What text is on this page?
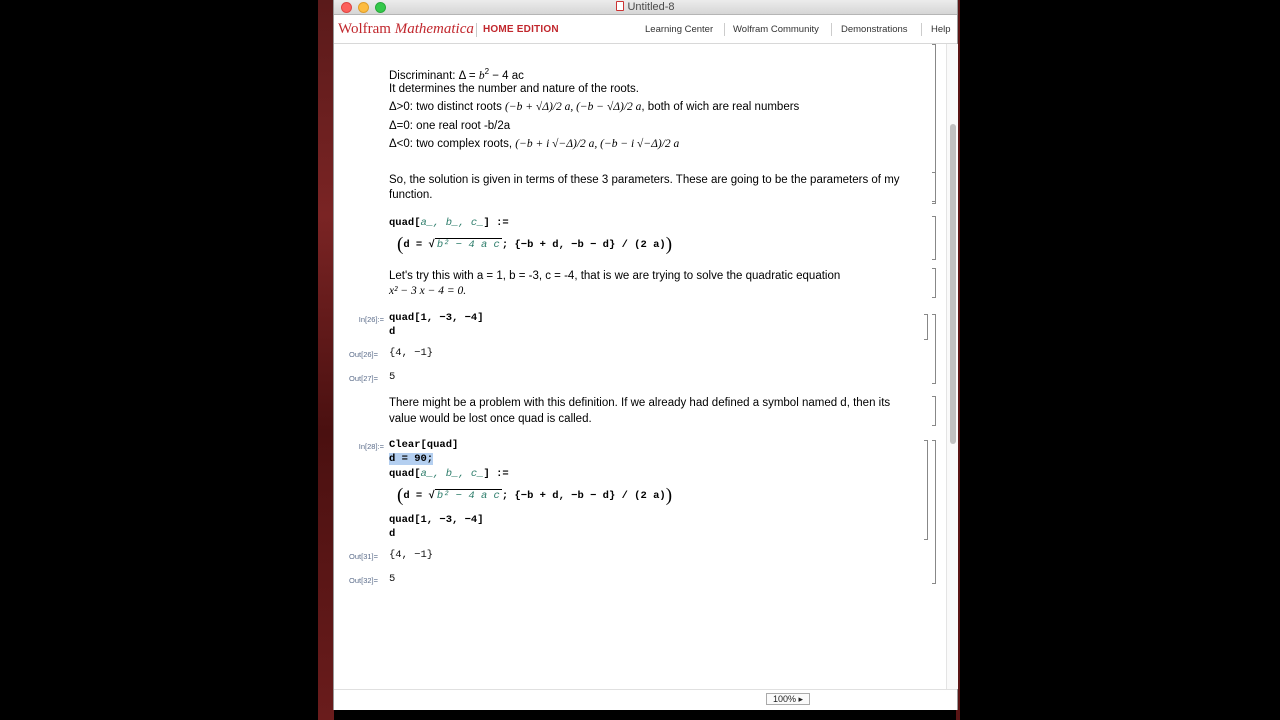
Untitled-8
Wolfram Mathematica HOME EDITION	Learning Center Wolfram Community Demonstrations Help
Discriminant: $\Delta = b^2 - 4$ ac
It determines the number and nature of the roots.
Δ>0: two distinct roots (−b + √Δ)/2 a, (−b − √Δ)/2 a, both of wich are real numbers
Δ=0: one real root -b/2a
Δ<0: two complex roots, (−b + i √−Δ)/2 a, (−b − i √−Δ)/2 a
So, the solution is given in terms of these 3 parameters. These are going to be the parameters of my
function.
quad[a_, b_, c_] :=
(d = √ b² − 4 a c ; {−b + d, −b − d} / (2 a))
Let's try this with a = 1, b = -3, c = -4, that is we are trying to solve the quadratic equation
x² − 3 x − 4 = 0.
In[26]:= quad[1, −3, −4]
d
Out[26]= {4, −1}
Out[27]= 5
There might be a problem with this definition. If we already had defined a symbol named d, then its
value would be lost once quad is called.
In[28]:= Clear[quad]
d = 90;
quad[a_, b_, c_] :=
(d = √ b² − 4 a c ; {−b + d, −b − d} / (2 a))
quad[1, −3, −4]
d
Out[31]= {4, −1}
Out[32]= 5
100% ▸
